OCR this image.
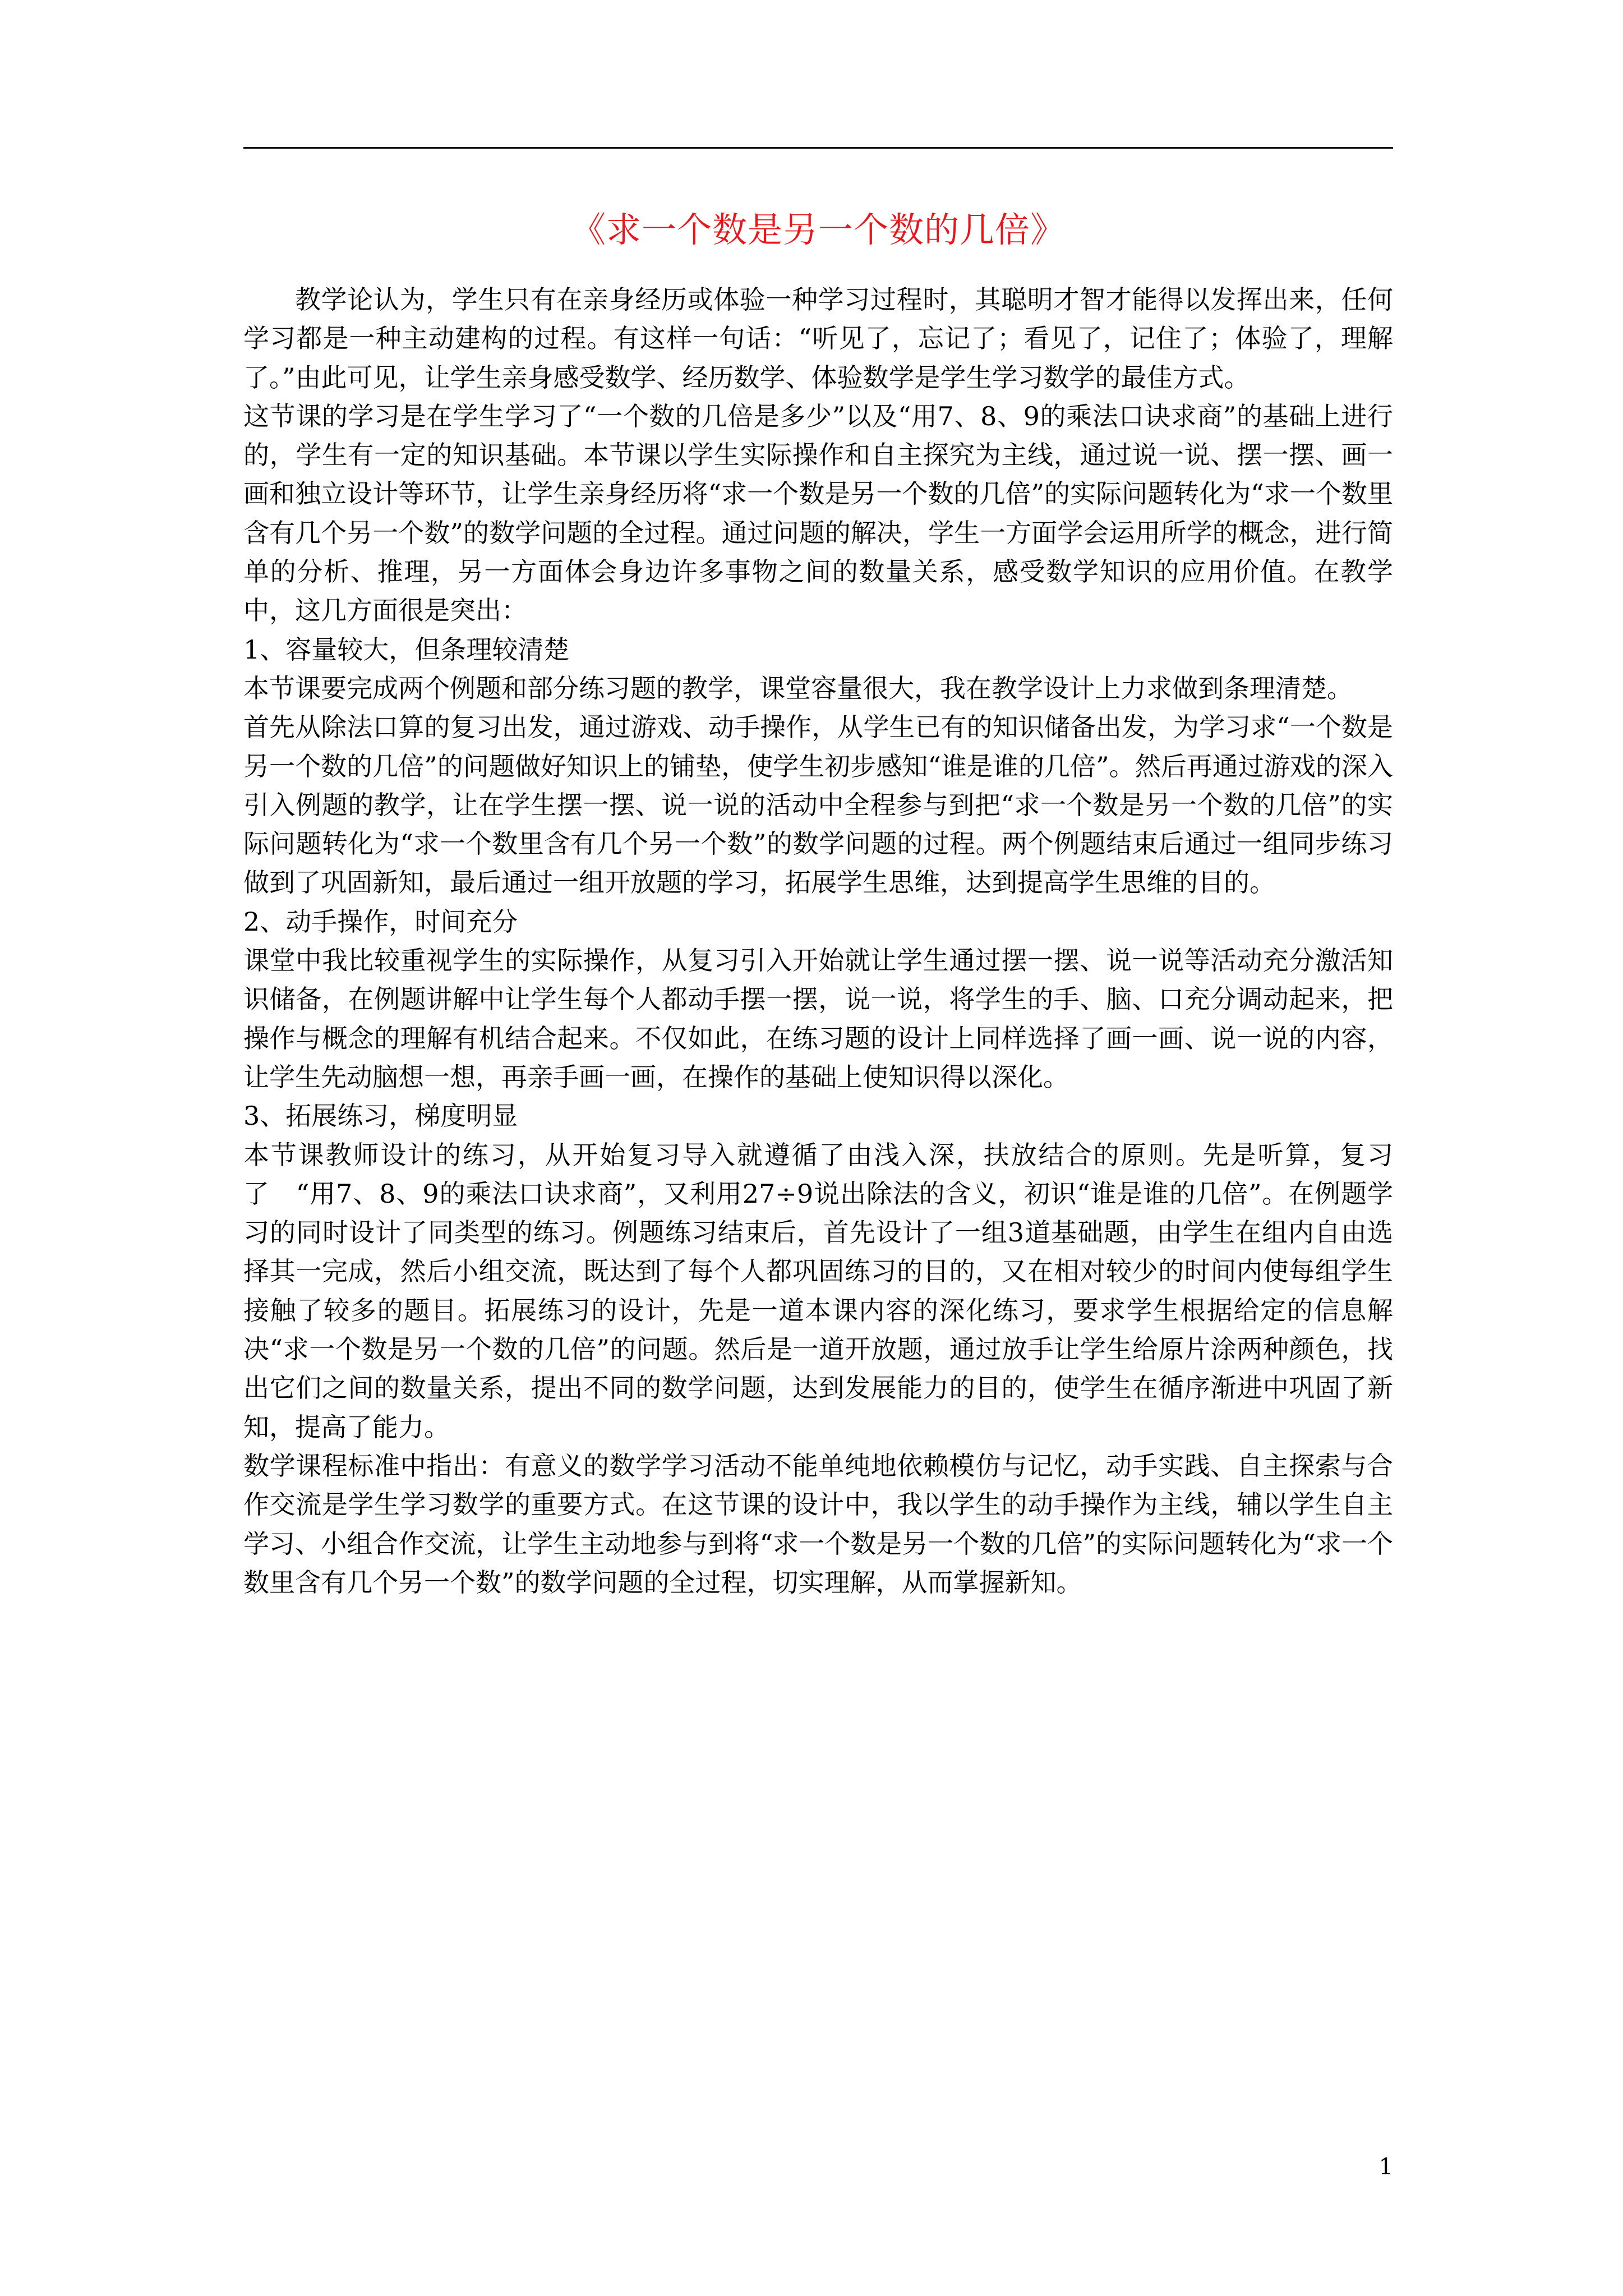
《求一个数是另一个数的几倍》

教学论认为，学生只有在亲身经历或体验一种学习过程时，其聪明才智才能得以发挥出来，任何学习都是一种主动建构的过程。有这样一句话：“听见了，忘记了；看见了，记住了；体验了，理解了。”由此可见，让学生亲身感受数学、经历数学、体验数学是学生学习数学的最佳方式。

这节课的学习是在学生学习了“一个数的几倍是多少”以及“用7、8、9的乘法口诀求商”的基础上进行的，学生有一定的知识基础。本节课以学生实际操作和自主探究为主线，通过说一说、摆一摆、画一画和独立设计等环节，让学生亲身经历将“求一个数是另一个数的几倍”的实际问题转化为“求一个数里含有几个另一个数”的数学问题的全过程。通过问题的解决，学生一方面学会运用所学的概念，进行简单的分析、推理，另一方面体会身边许多事物之间的数量关系，感受数学知识的应用价值。在教学中，这几方面很是突出：

1、容量较大，但条理较清楚

本节课要完成两个例题和部分练习题的教学，课堂容量很大，我在教学设计上力求做到条理清楚。

首先从除法口算的复习出发，通过游戏、动手操作，从学生已有的知识储备出发，为学习求“一个数是另一个数的几倍”的问题做好知识上的铺垫，使学生初步感知“谁是谁的几倍”。然后再通过游戏的深入引入例题的教学，让在学生摆一摆、说一说的活动中全程参与到把“求一个数是另一个数的几倍”的实际问题转化为“求一个数里含有几个另一个数”的数学问题的过程。两个例题结束后通过一组同步练习做到了巩固新知，最后通过一组开放题的学习，拓展学生思维，达到提高学生思维的目的。

2、动手操作，时间充分

课堂中我比较重视学生的实际操作，从复习引入开始就让学生通过摆一摆、说一说等活动充分激活知识储备，在例题讲解中让学生每个人都动手摆一摆，说一说，将学生的手、脑、口充分调动起来，把操作与概念的理解有机结合起来。不仅如此，在练习题的设计上同样选择了画一画、说一说的内容，让学生先动脑想一想，再亲手画一画，在操作的基础上使知识得以深化。

3、拓展练习，梯度明显

本节课教师设计的练习，从开始复习导入就遵循了由浅入深，扶放结合的原则。先是听算，复习了　“用7、8、9的乘法口诀求商”，又利用27÷9说出除法的含义，初识“谁是谁的几倍”。在例题学习的同时设计了同类型的练习。例题练习结束后，首先设计了一组3道基础题，由学生在组内自由选择其一完成，然后小组交流，既达到了每个人都巩固练习的目的，又在相对较少的时间内使每组学生接触了较多的题目。拓展练习的设计，先是一道本课内容的深化练习，要求学生根据给定的信息解决“求一个数是另一个数的几倍”的问题。然后是一道开放题，通过放手让学生给原片涂两种颜色，找出它们之间的数量关系，提出不同的数学问题，达到发展能力的目的，使学生在循序渐进中巩固了新知，提高了能力。

数学课程标准中指出：有意义的数学学习活动不能单纯地依赖模仿与记忆，动手实践、自主探索与合作交流是学生学习数学的重要方式。在这节课的设计中，我以学生的动手操作为主线，辅以学生自主学习、小组合作交流，让学生主动地参与到将“求一个数是另一个数的几倍”的实际问题转化为“求一个数里含有几个另一个数”的数学问题的全过程，切实理解，从而掌握新知。

1
